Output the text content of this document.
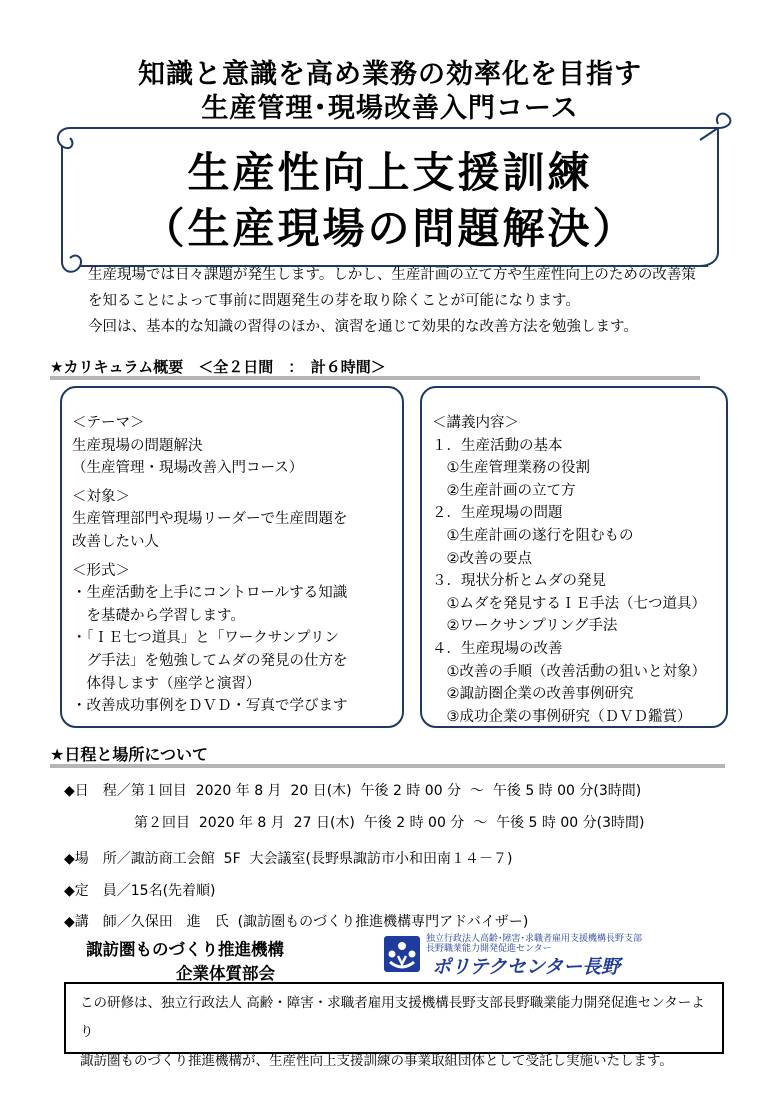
知識と意識を高め業務の効率化を目指す
生産管理･現場改善入門コース
生産性向上支援訓練
（生産現場の問題解決）
生産現場では日々課題が発生します。しかし、生産計画の立て方や生産性向上のための改善策
を知ることによって事前に問題発生の芽を取り除くことが可能になります。
今回は、基本的な知識の習得のほか、演習を通じて効果的な改善方法を勉強します。
★カリキュラム概要　＜全２日間　：　計６時間＞
＜テーマ＞
生産現場の問題解決
（生産管理・現場改善入門コース）
＜対象＞
生産管理部門や現場リーダーで生産問題を
改善したい人
＜形式＞
・生産活動を上手にコントロールする知識
　を基礎から学習します。
・「ＩＥ七つ道具」と「ワークサンプリン
　グ手法」を勉強してムダの発見の仕方を
　体得します（座学と演習）
・改善成功事例をＤＶＤ・写真で学びます
＜講義内容＞
１．生産活動の基本
　①生産管理業務の役割
　②生産計画の立て方
２．生産現場の問題
　①生産計画の遂行を阻むもの
　②改善の要点
３．現状分析とムダの発見
　①ムダを発見するＩＥ手法（七つ道具）
　②ワークサンプリング手法
４．生産現場の改善
　①改善の手順（改善活動の狙いと対象）
　②諏訪圏企業の改善事例研究
　③成功企業の事例研究（ＤＶＤ鑑賞）
★日程と場所について
◆日　程／第１回目  2020 年 8 月  20 日(木)  午後 2 時 00 分  ～  午後 5 時 00 分(3時間)
　　　　　第２回目  2020 年 8 月  27 日(木)  午後 2 時 00 分  ～  午後 5 時 00 分(3時間)
◆場　所／諏訪商工会館  5F  大会議室(長野県諏訪市小和田南１４－７)
◆定　員／15名(先着順)
◆講　師／久保田　進　氏  (諏訪圏ものづくり推進機構専門アドバイザー)
諏訪圏ものづくり推進機構
企業体質部会
独立行政法人高齢･障害･求職者雇用支援機構長野支部
長野職業能力開発促進センター
ポリテクセンター長野
この研修は、独立行政法人 高齢・障害・求職者雇用支援機構長野支部長野職業能力開発促進センターより
諏訪圏ものづくり推進機構が、生産性向上支援訓練の事業取組団体として受託し実施いたします。
